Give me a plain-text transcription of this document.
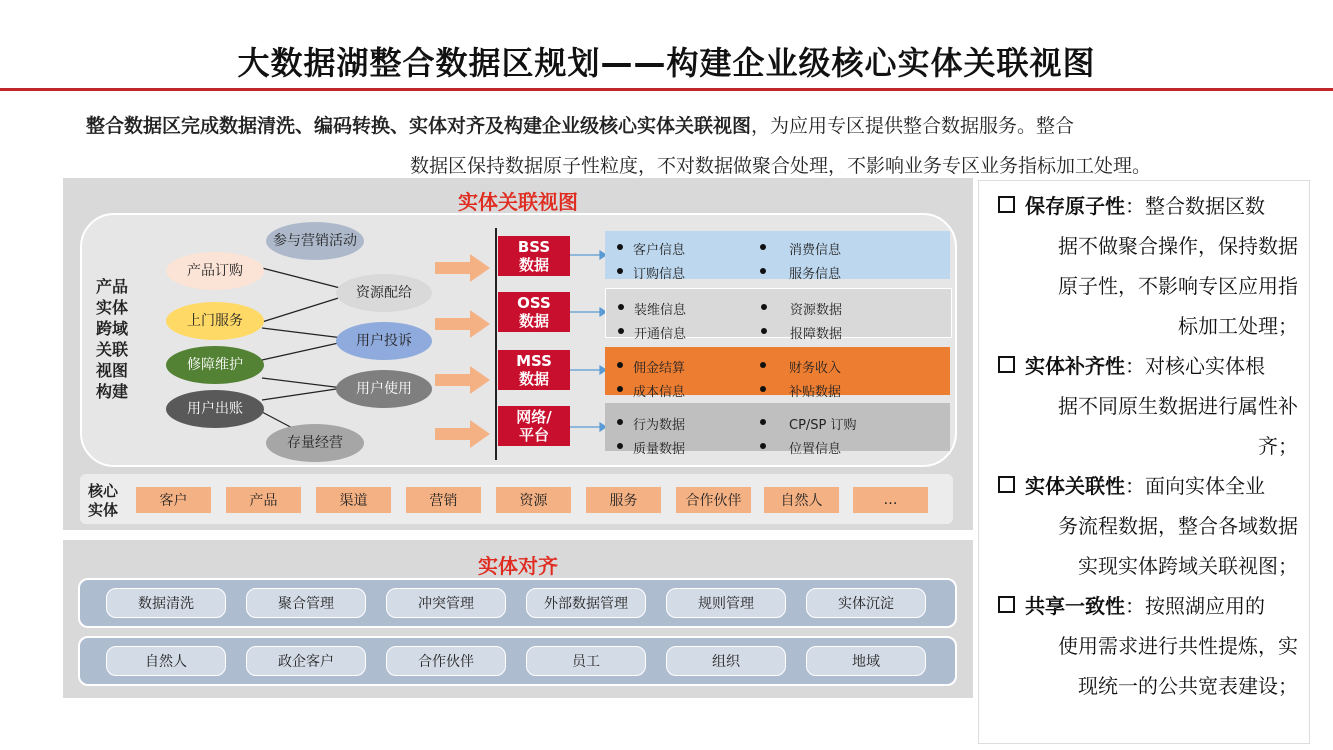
大数据湖整合数据区规划——构建企业级核心实体关联视图
整合数据区完成数据清洗、编码转换、实体对齐及构建企业级核心实体关联视图，为应用专区提供整合数据服务。整合
数据区保持数据原子性粒度，不对数据做聚合处理，不影响业务专区业务指标加工处理。
实体关联视图
产品
实体
跨域
关联
视图
构建
产品订购
上门服务
修障维护
用户出账
参与营销活动
资源配给
用户投诉
用户使用
存量经营
BSS
数据
OSS
数据
MSS
数据
网络/
平台
客户信息	消费信息
订购信息	服务信息
装维信息	资源数据
开通信息	报障数据
佣金结算	财务收入
成本信息	补贴数据
行为数据	CP/SP 订购
质量数据	位置信息
核心
实体	客户	产品	渠道	营销	资源	服务	合作伙伴	自然人	…
实体对齐
数据清洗	聚合管理	冲突管理	外部数据管理	规则管理	实体沉淀
自然人	政企客户	合作伙伴	员工	组织	地域
保存原子性：整合数据区数
据不做聚合操作，保持数据
原子性，不影响专区应用指
标加工处理；
实体补齐性：对核心实体根
据不同原生数据进行属性补
齐；
实体关联性：面向实体全业
务流程数据，整合各域数据
实现实体跨域关联视图；
共享一致性：按照湖应用的
使用需求进行共性提炼，实
现统一的公共宽表建设；
